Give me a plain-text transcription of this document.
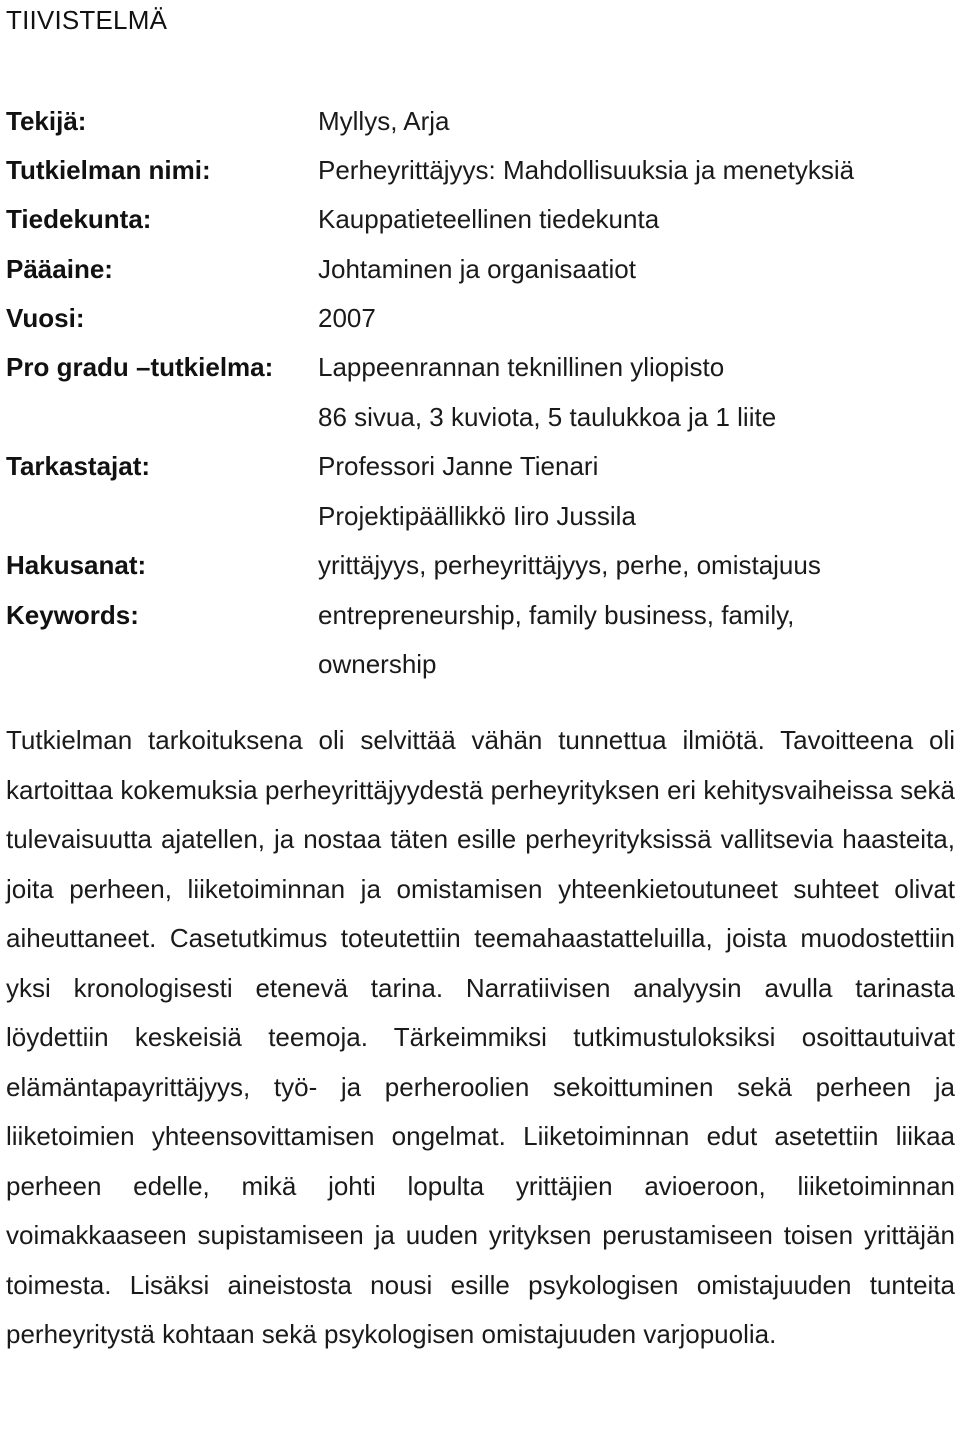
TIIVISTELMÄ
Tekijä:	Myllys, Arja
Tutkielman nimi:	Perheyrittäjyys: Mahdollisuuksia ja menetyksiä
Tiedekunta:	Kauppatieteellinen tiedekunta
Pääaine:	Johtaminen ja organisaatiot
Vuosi:	2007
Pro gradu –tutkielma: Lappeenrannan teknillinen yliopisto
86 sivua, 3 kuviota, 5 taulukkoa ja 1 liite
Tarkastajat:	Professori Janne Tienari
Projektipäällikkö Iiro Jussila
Hakusanat:	yrittäjyys, perheyrittäjyys, perhe, omistajuus
Keywords:	entrepreneurship, family business, family,
ownership

Tutkielman tarkoituksena oli selvittää vähän tunnettua ilmiötä. Tavoitteena oli kartoittaa kokemuksia perheyrittäjyydestä perheyrityksen eri kehitysvaiheissa sekä tulevaisuutta ajatellen, ja nostaa täten esille perheyrityksissä vallitsevia haasteita, joita perheen, liiketoiminnan ja omistamisen yhteenkietoutuneet suhteet olivat aiheuttaneet. Casetutkimus toteutettiin teemahaastatteluilla, joista muodostettiin yksi kronologisesti etenevä tarina. Narratiivisen analyysin avulla tarinasta löydettiin keskeisiä teemoja. Tärkeimmiksi tutkimustuloksiksi osoittautuivat elämäntapayrittäjyys, työ- ja perheroolien sekoittuminen sekä perheen ja liiketoimien yhteensovittamisen ongelmat. Liiketoiminnan edut asetettiin liikaa perheen edelle, mikä johti lopulta yrittäjien avioeroon, liiketoiminnan voimakkaaseen supistamiseen ja uuden yrityksen perustamiseen toisen yrittäjän toimesta. Lisäksi aineistosta nousi esille psykologisen omistajuuden tunteita perheyritystä kohtaan sekä psykologisen omistajuuden varjopuolia.
